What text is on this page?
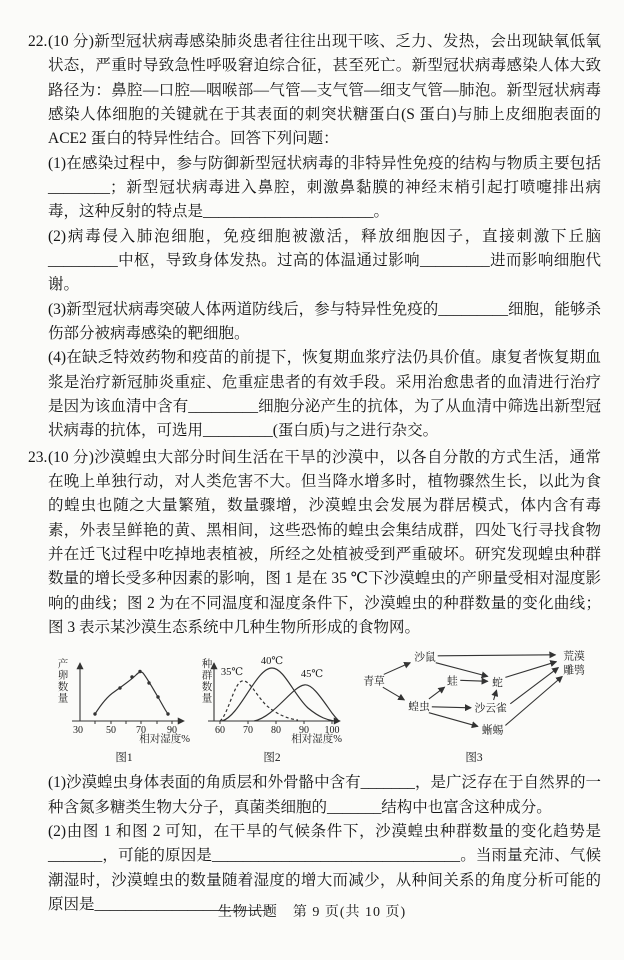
22. (10 分)新型冠状病毒感染肺炎患者往往出现干咳、乏力、发热，会出现缺氧低氧状态，严重时导致急性呼吸窘迫综合征，甚至死亡。新型冠状病毒感染人体大致路径为：鼻腔—口腔—咽喉部—气管—支气管—细支气管—肺泡。新型冠状病毒感染人体细胞的关键就在于其表面的刺突状糖蛋白(S 蛋白)与肺上皮细胞表面的 ACE2 蛋白的特异性结合。回答下列问题：

(1)在感染过程中，参与防御新型冠状病毒的非特异性免疫的结构与物质主要包括________；新型冠状病毒进入鼻腔，刺激鼻黏膜的神经末梢引起打喷嚏排出病毒，这种反射的特点是______________________。

(2)病毒侵入肺泡细胞，免疫细胞被激活，释放细胞因子，直接刺激下丘脑_________中枢，导致身体发热。过高的体温通过影响_________进而影响细胞代谢。

(3)新型冠状病毒突破人体两道防线后，参与特异性免疫的_________细胞，能够杀伤部分被病毒感染的靶细胞。

(4)在缺乏特效药物和疫苗的前提下，恢复期血浆疗法仍具价值。康复者恢复期血浆是治疗新冠肺炎重症、危重症患者的有效手段。采用治愈患者的血清进行治疗是因为该血清中含有_________细胞分泌产生的抗体，为了从血清中筛选出新型冠状病毒的抗体，可选用_________(蛋白质)与之进行杂交。

23. (10 分)沙漠蝗虫大部分时间生活在干旱的沙漠中，以各自分散的方式生活，通常在晚上单独行动，对人类危害不大。但当降水增多时，植物骤然生长，以此为食的蝗虫也随之大量繁殖，数量骤增，沙漠蝗虫会发展为群居模式，体内含有毒素，外表呈鲜艳的黄、黑相间，这些恐怖的蝗虫会集结成群，四处飞行寻找食物并在迁飞过程中吃掉地表植被，所经之处植被受到严重破坏。研究发现蝗虫种群数量的增长受多种因素的影响，图 1 是在 35 ℃下沙漠蝗虫的产卵量受相对湿度影响的曲线；图 2 为在不同温度和湿度条件下，沙漠蝗虫的种群数量的变化曲线；图 3 表示某沙漠生态系统中几种生物所形成的食物网。

产卵数量
30 50 70 90
相对湿度%
图1
种群数量
60 70 80 90 100
35℃
40℃
45℃
相对湿度%
图2
青草
沙鼠
蝗虫
蛙	蛇
沙云雀
蜥蜴
荒漠
雕鸮
图3

(1)沙漠蝗虫身体表面的角质层和外骨骼中含有_______，是广泛存在于自然界的一种含氮多糖类生物大分子，真菌类细胞的_______结构中也富含这种成分。

(2)由图 1 和图 2 可知，在干旱的气候条件下，沙漠蝗虫种群数量的变化趋势是_______，可能的原因是________________________________。当雨量充沛、气候潮湿时，沙漠蝗虫的数量随着湿度的增大而减少，从种间关系的角度分析可能的原因是______________________。

生物试题　第 9 页(共 10 页)
